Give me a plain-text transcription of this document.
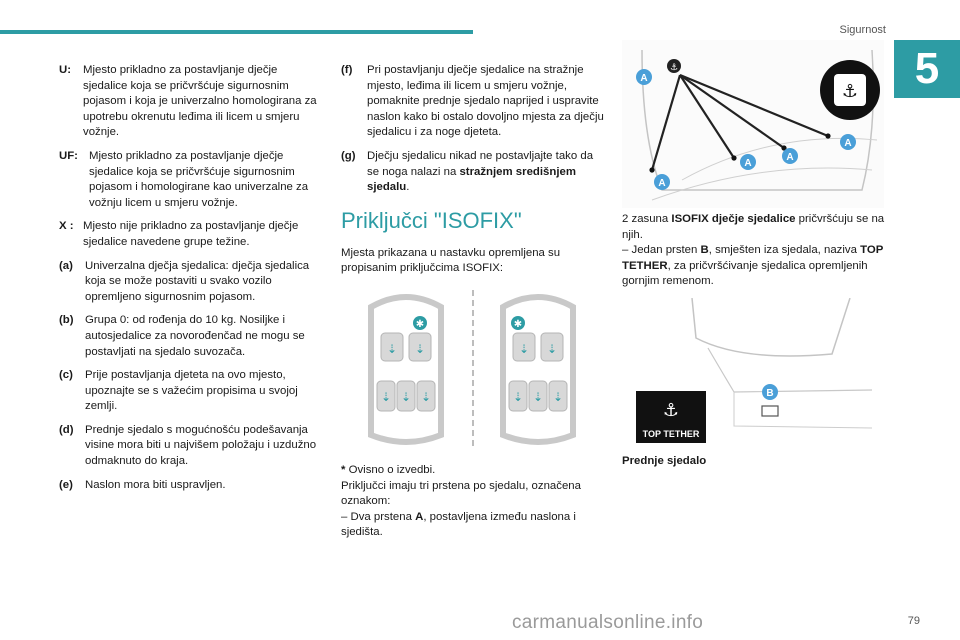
Sigurnost
5
U:	Mjesto prikladno za postavljanje dječje sjedalice koja se pričvršćuje sigurnosnim pojasom i koja je univerzalno homologirana za upotrebu okrenutu leđima ili licem u smjeru vožnje.
UF: Mjesto prikladno za postavljanje dječje sjedalice koja se pričvršćuje sigurnosnim pojasom i homologirane kao univerzalne za vožnju licem u smjeru vožnje.
X : Mjesto nije prikladno za postavljanje dječje sjedalice navedene grupe težine.
(a)	Univerzalna dječja sjedalica: dječja sjedalica koja se može postaviti u svako vozilo opremljeno sigurnosnim pojasom.
(b)	Grupa 0: od rođenja do 10 kg. Nosiljke i autosjedalice za novorođenčad ne mogu se postavljati na sjedalo suvozača.
(c)	Prije postavljanja djeteta na ovo mjesto, upoznajte se s važećim propisima u svojoj zemlji.
(d)	Prednje sjedalo s mogućnošću podešavanja visine mora biti u najvišem položaju i uzdužno odmaknuto do kraja.
(e)	Naslon mora biti uspravljen.
(f)	Pri postavljanju dječje sjedalice na stražnje mjesto, leđima ili licem u smjeru vožnje, pomaknite prednje sjedalo naprijed i uspravite naslon kako bi ostalo dovoljno mjesta za dječju sjedalicu i za noge djeteta.
(g)	Dječju sjedalicu nikad ne postavljajte tako da se noga nalazi na stražnjem središnjem sjedalu.
Priključci "ISOFIX"

Mjesta prikazana u nastavku opremljena su propisanim priključcima ISOFIX:

✱
⇣ ⇣
⇣ ⇣ ⇣
✱
⇣ ⇣
⇣ ⇣ ⇣

* Ovisno o izvedbi.

Priključci imaju tri prstena po sjedalu, označena oznakom:

– Dva prstena A, postavljena između naslona i sjedišta.

⚓
⚓
A
A
A
A
A

2 zasuna ISOFIX dječje sjedalice pričvršćuju se na njih.

– Jedan prsten B, smješten iza sjedala, naziva TOP TETHER, za pričvršćivanje sjedalica opremljenih gornjim remenom.

B
⚓
TOP TETHER
Prednje sjedalo
carmanualsonline.info	79
